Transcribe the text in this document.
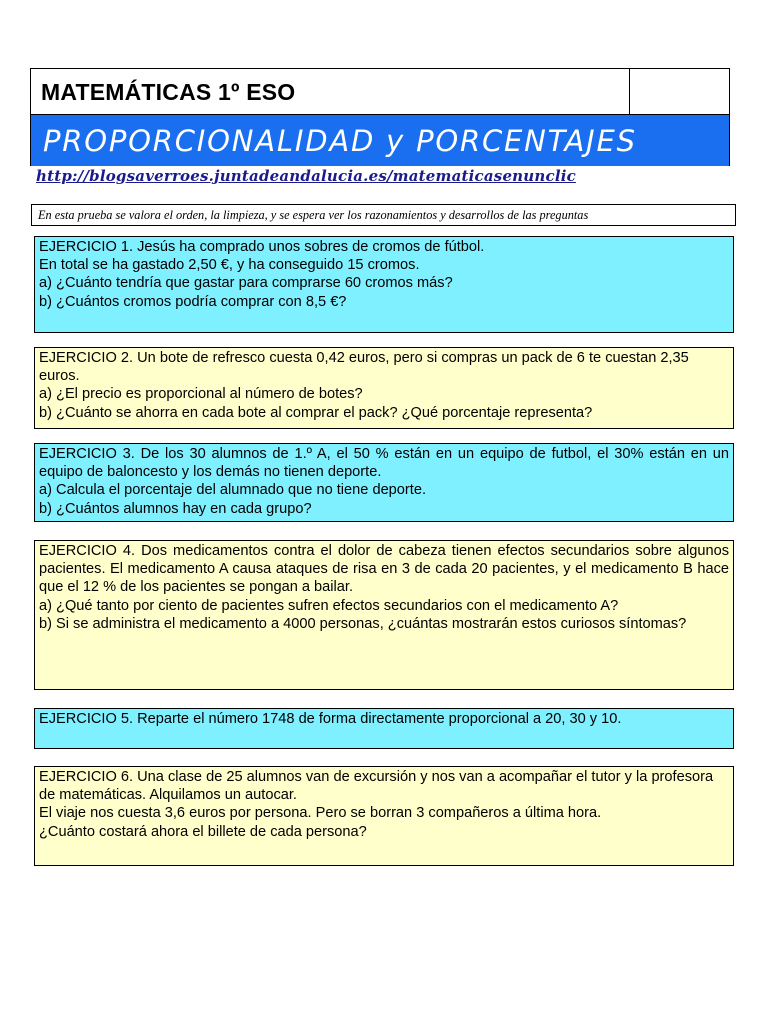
MATEMÁTICAS 1º ESO
PROPORCIONALIDAD y PORCENTAJES
http://blogsaverroes.juntadeandalucia.es/matematicasenunclic
En esta prueba se valora el orden, la limpieza, y se espera ver los razonamientos y desarrollos de las preguntas

EJERCICIO 1. Jesús ha comprado unos sobres de cromos de fútbol.

En total se ha gastado 2,50 €, y ha conseguido 15 cromos.

a) ¿Cuánto tendría que gastar para comprarse 60 cromos más?

b) ¿Cuántos cromos podría comprar con 8,5 €?

EJERCICIO 2. Un bote de refresco cuesta 0,42 euros, pero si compras un pack de 6 te cuestan 2,35 euros.

a) ¿El precio es proporcional al número de botes?

b) ¿Cuánto se ahorra en cada bote al comprar el pack? ¿Qué porcentaje representa?

EJERCICIO 3. De los 30 alumnos de 1.º A, el 50 % están en un equipo de futbol, el 30% están en un equipo de baloncesto y los demás no tienen deporte.

a) Calcula el porcentaje del alumnado que no tiene deporte.

b) ¿Cuántos alumnos hay en cada grupo?

EJERCICIO 4. Dos medicamentos contra el dolor de cabeza tienen efectos secundarios sobre algunos pacientes. El medicamento A causa ataques de risa en 3 de cada 20 pacientes, y el medicamento B hace que el 12 % de los pacientes se pongan a bailar.

a) ¿Qué tanto por ciento de pacientes sufren efectos secundarios con el medicamento A?

b) Si se administra el medicamento a 4000 personas, ¿cuántas mostrarán estos curiosos síntomas?

EJERCICIO 5. Reparte el número 1748 de forma directamente proporcional a 20, 30 y 10.

EJERCICIO 6. Una clase de 25 alumnos van de excursión y nos van a acompañar el tutor y la profesora de matemáticas. Alquilamos un autocar.

El viaje nos cuesta 3,6 euros por persona. Pero se borran 3 compañeros a última hora.

¿Cuánto costará ahora el billete de cada persona?
